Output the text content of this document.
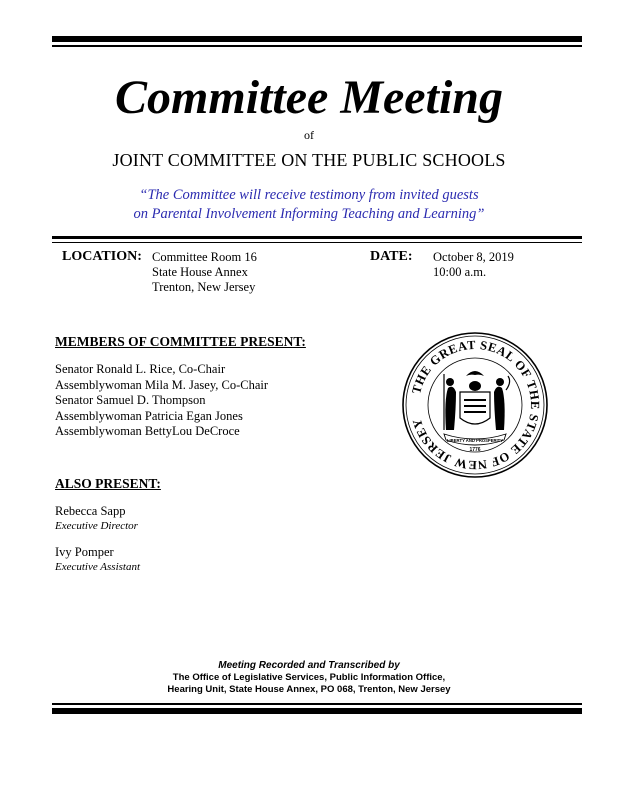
Committee Meeting
of
JOINT COMMITTEE ON THE PUBLIC SCHOOLS
“The Committee will receive testimony from invited guests
on Parental Involvement Informing Teaching and Learning”
LOCATION: Committee Room 16
State House Annex
Trenton, New Jersey
DATE: October 8, 2019
10:00 a.m.
MEMBERS OF COMMITTEE PRESENT:
Senator Ronald L. Rice, Co-Chair
Assemblywoman Mila M. Jasey, Co-Chair
Senator Samuel D. Thompson
Assemblywoman Patricia Egan Jones
Assemblywoman BettyLou DeCroce
THE GREAT SEAL OF THE STATE OF NEW JERSEY
LIBERTY AND PROSPERITY
1776
ALSO PRESENT:
Rebecca Sapp
Executive Director
Ivy Pomper
Executive Assistant
Meeting Recorded and Transcribed by
The Office of Legislative Services, Public Information Office,
Hearing Unit, State House Annex, PO 068, Trenton, New Jersey
